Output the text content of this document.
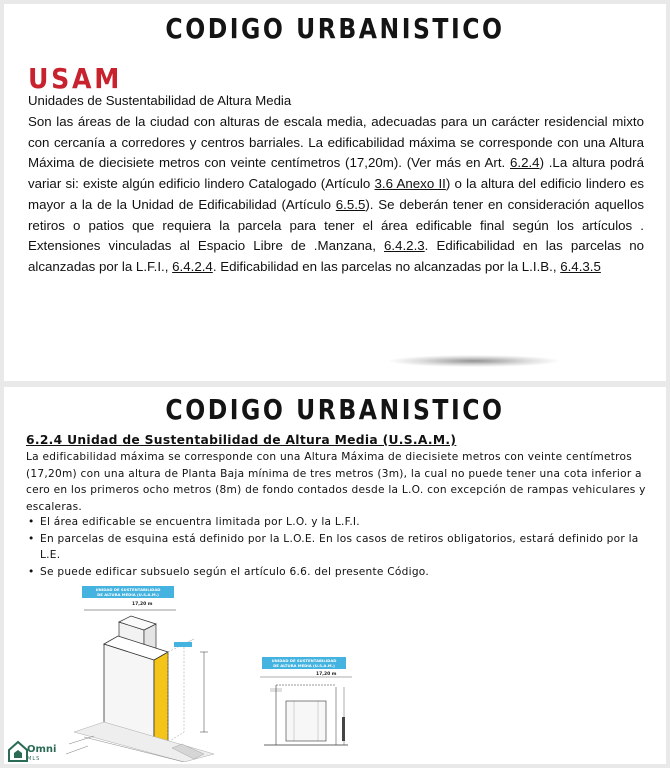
CODIGO URBANISTICO
USAM
Unidades de Sustentabilidad de Altura Media
Son las áreas de la ciudad con alturas de escala media, adecuadas para un carácter residencial mixto con cercanía a corredores y centros barriales. La edificabilidad máxima se corresponde con una Altura Máxima de diecisiete metros con veinte centímetros (17,20m). (Ver más en Art. 6.2.4) .La altura podrá variar si: existe algún edificio lindero Catalogado (Artículo 3.6 Anexo II) o la altura del edificio lindero es mayor a la de la Unidad de Edificabilidad (Artículo 6.5.5). Se deberán tener en consideración aquellos retiros o patios que requiera la parcela para tener el área edificable final según los artículos . Extensiones vinculadas al Espacio Libre de .Manzana, 6.4.2.3. Edificabilidad en las parcelas no alcanzadas por la L.F.I., 6.4.2.4. Edificabilidad en las parcelas no alcanzadas por la L.I.B., 6.4.3.5
CODIGO URBANISTICO
6.2.4 Unidad de Sustentabilidad de Altura Media (U.S.A.M.)
La edificabilidad máxima se corresponde con una Altura Máxima de diecisiete metros con veinte centímetros (17,20m) con una altura de Planta Baja mínima de tres metros (3m), la cual no puede tener una cota inferior a cero en los primeros ocho metros (8m) de fondo contados desde la L.O. con excepción de rampas vehiculares y escaleras.
• El área edificable se encuentra limitada por L.O. y la L.F.I.
• En parcelas de esquina está definido por la L.O.E. En los casos de retiros obligatorios, estará definido por la L.E.
• Se puede edificar subsuelo según el artículo 6.6. del presente Código.
UNIDAD DE SUSTENTABILIDAD
DE ALTURA MEDIA (U.S.A.M.)
17,20 m
UNIDAD DE SUSTENTABILIDAD
DE ALTURA MEDIA (U.S.A.M.)
17,20 m
Omni
MLS
